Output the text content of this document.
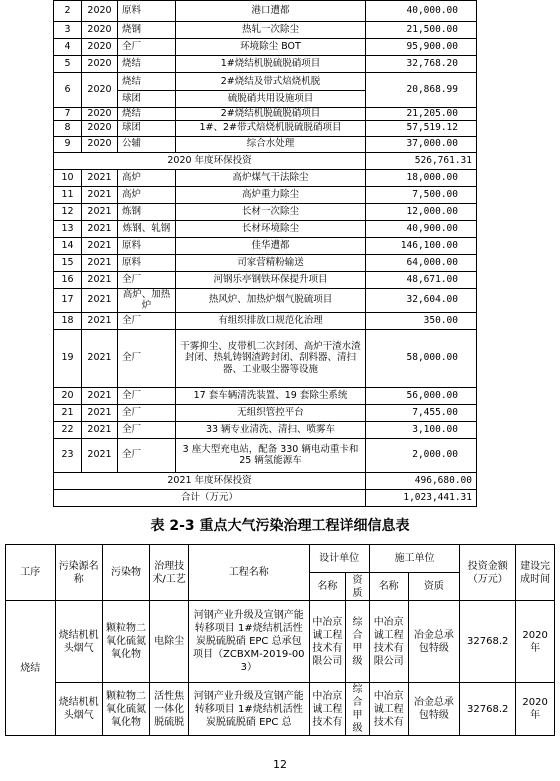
2	2020	原料	港口遭都	40,000.00
3	2020	烧钢	热轧一次除尘	21,500.00
4	2020	全厂	环境除尘 BOT	95,900.00
5	2020	烧结	1#烧结机脱硫脱硝项目	32,768.20
6	2020	烧结	2#烧结及带式焙烧机脱	20,868.99
		球团	硫脱硝共用设施项目	
7	2020	烧结	2#烧结机脱硫脱硝项目	21,205.00
8	2020	球团	1#、2#带式焙烧机脱硫脱硝项目	57,519.12
9	2020	公辅	综合水处理	37,000.00
2020 年度环保投资				526,761.31
10	2021	高炉	高炉煤气干法除尘	18,000.00
11	2021	高炉	高炉重力除尘	7,500.00
12	2021	炼钢	长材一次除尘	12,000.00
13	2021	炼钢、轧钢	长材环境除尘	40,900.00
14	2021	原料	佳华遭都	146,100.00
15	2021	原料	司家营精粉输送	64,000.00
16	2021	全厂	河钢乐亭钢铁环保提升项目	48,671.00
17	2021	高炉、加热炉	热风炉、加热炉烟气脱硫项目	32,604.00
18	2021	全厂	有组织排放口规范化治理	350.00
19	2021	全厂	干雾抑尘、皮带机二次封闭、高炉干渣水渣封闭、热轧铸钢渣跨封闭、刮料器、清扫器、工业吸尘器等设施	58,000.00
20	2021	全厂	17 套车辆清洗装置、19 套除尘系统	56,000.00
21	2021	全厂	无组织管控平台	7,455.00
22	2021	全厂	33 辆专业清洗、清扫、喷雾车	3,100.00
23	2021	全厂	3 座大型充电站，配备 330 辆电动重卡和 25 辆氢能源车	2,000.00
2021 年度环保投资				496,680.00
合计（万元）				1,023,441.31
表 2-3 重点大气污染治理工程详细信息表
工序	污染源名称	污染物	治理技术/工艺	工程名称	设计单位		施工单位		投资金额（万元）	建设完成时间
					名称	资质	名称	资质		
烧结	烧结机机头烟气	颗粒物二氧化硫氮氧化物	电除尘	河钢产业升级及宣钢产能转移项目 1#烧结机活性炭脱硫脱硝 EPC 总承包项目（ZCBXM-2019-003）	中冶京诚工程技术有限公司	综合甲级	中冶京诚工程技术有限公司	冶金总承包特级	32768.2	2020 年
	烧结机机头烟气	颗粒物二氧化硫氮氧化物	活性焦一体化脱硫脱	河钢产业升级及宣钢产能转移项目 1#烧结机活性炭脱硫脱硝 EPC 总	中冶京诚工程技术有	综合甲级	中冶京诚工程技术有	冶金总承包特级	32768.2	2020 年
12
